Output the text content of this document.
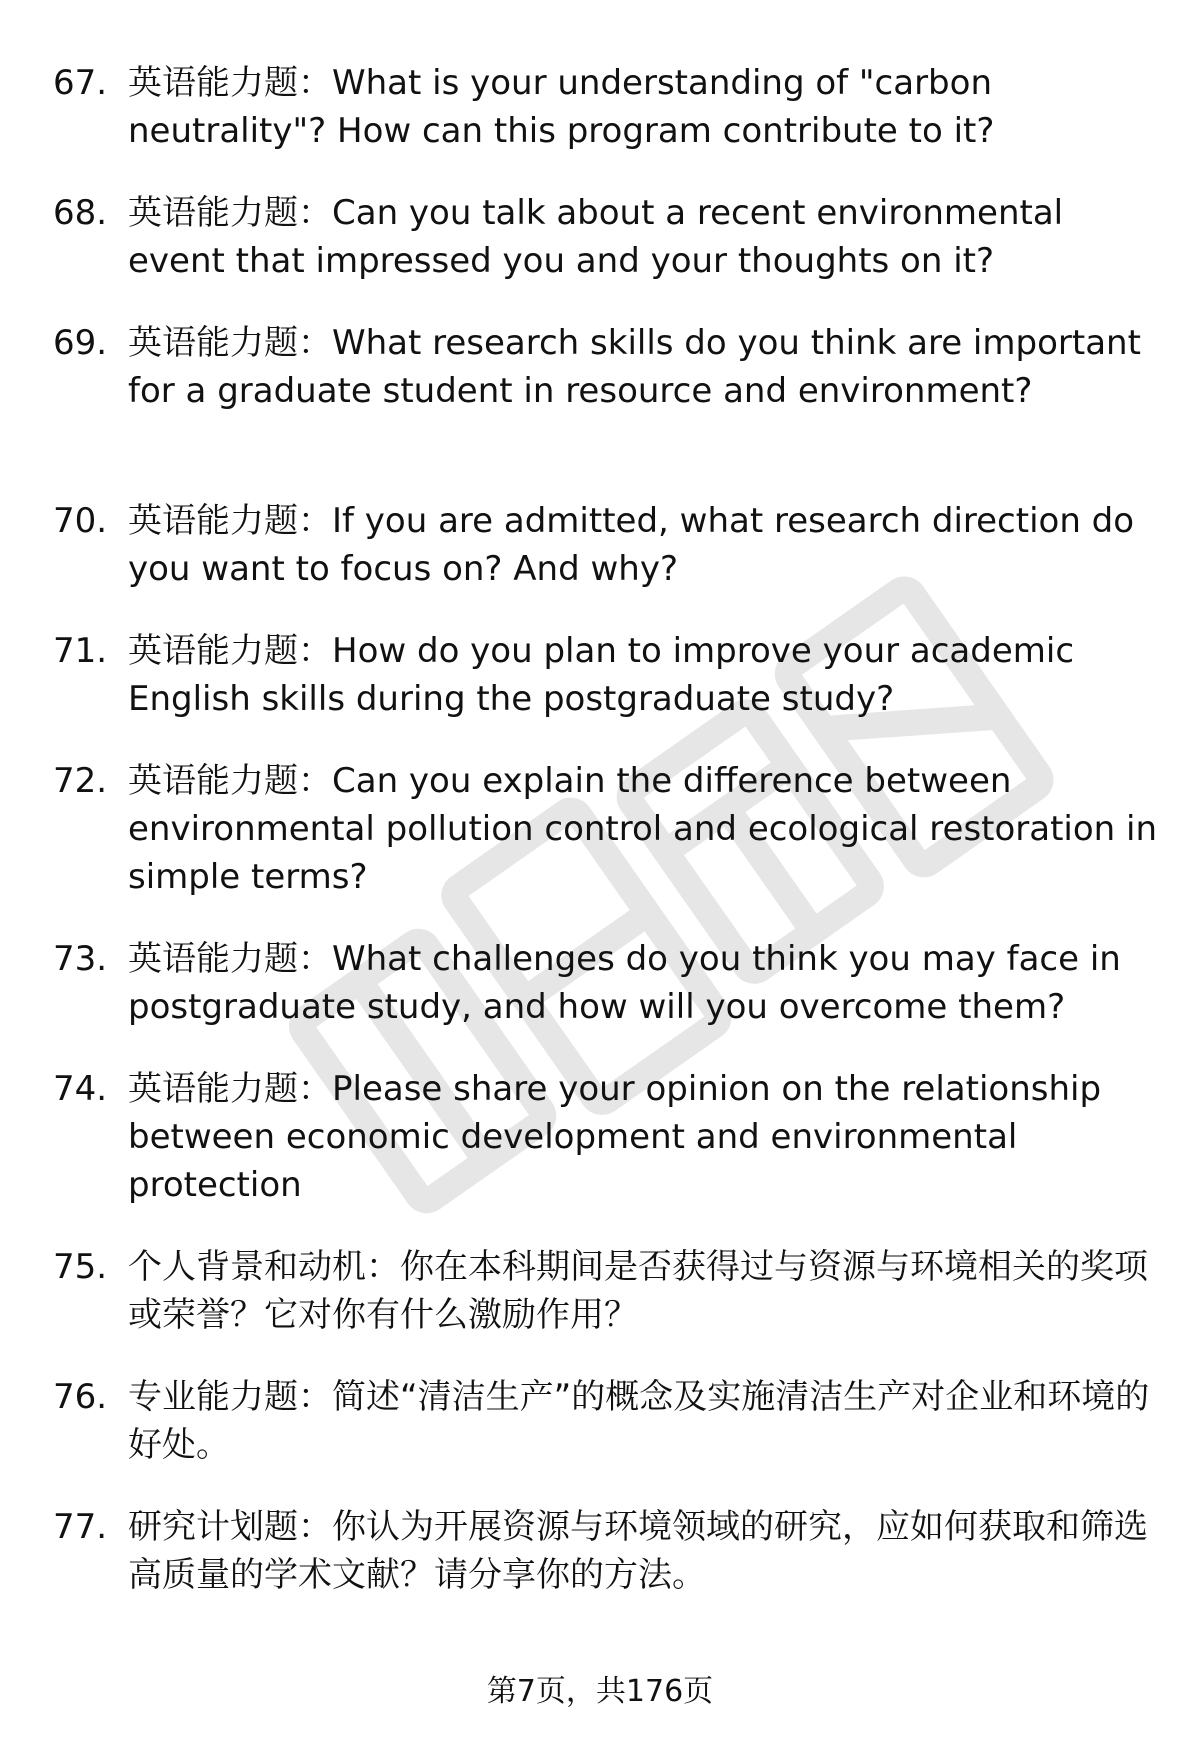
67. 英语能力题：What is your understanding of "carbon neutrality"? How can this program contribute to it?
68. 英语能力题：Can you talk about a recent environmental event that impressed you and your thoughts on it?
69. 英语能力题：What research skills do you think are important for a graduate student in resource and environment?
70. 英语能力题：If you are admitted, what research direction do you want to focus on? And why?
71. 英语能力题：How do you plan to improve your academic English skills during the postgraduate study?
72. 英语能力题：Can you explain the difference between environmental pollution control and ecological restoration in simple terms?
73. 英语能力题：What challenges do you think you may face in postgraduate study, and how will you overcome them?
74. 英语能力题：Please share your opinion on the relationship between economic development and environmental protection
75. 个人背景和动机：你在本科期间是否获得过与资源与环境相关的奖项或荣誉？它对你有什么激励作用？
76. 专业能力题：简述“清洁生产”的概念及实施清洁生产对企业和环境的好处。
77. 研究计划题：你认为开展资源与环境领域的研究，应如何获取和筛选高质量的学术文献？请分享你的方法。
第7页，共176页
